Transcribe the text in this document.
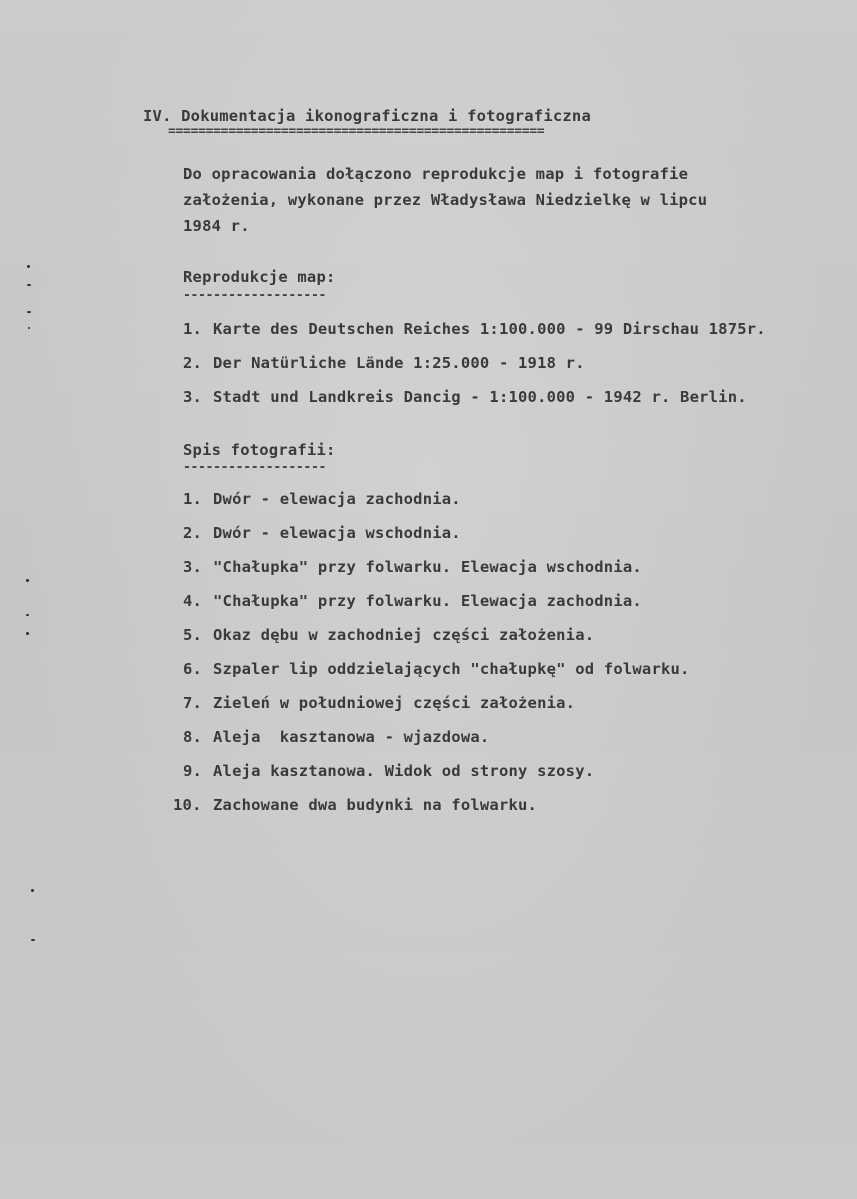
IV. Dokumentacja ikonograficzna i fotograficzna
==================================================
Do opracowania dołączono reprodukcje map i fotografie
założenia, wykonane przez Władysława Niedzielkę w lipcu
1984 r.
Reprodukcje map:
-------------------
1. Karte des Deutschen Reiches 1:100.000 - 99 Dirschau 1875r.
2. Der Natürliche Lände 1:25.000 - 1918 r.
3. Stadt und Landkreis Dancig - 1:100.000 - 1942 r. Berlin.
Spis fotografii:
-------------------
1. Dwór - elewacja zachodnia.
2. Dwór - elewacja wschodnia.
3. "Chałupka" przy folwarku. Elewacja wschodnia.
4. "Chałupka" przy folwarku. Elewacja zachodnia.
5. Okaz dębu w zachodniej części założenia.
6. Szpaler lip oddzielających "chałupkę" od folwarku.
7. Zieleń w południowej części założenia.
8. Aleja  kasztanowa - wjazdowa.
9. Aleja kasztanowa. Widok od strony szosy.
10. Zachowane dwa budynki na folwarku.
